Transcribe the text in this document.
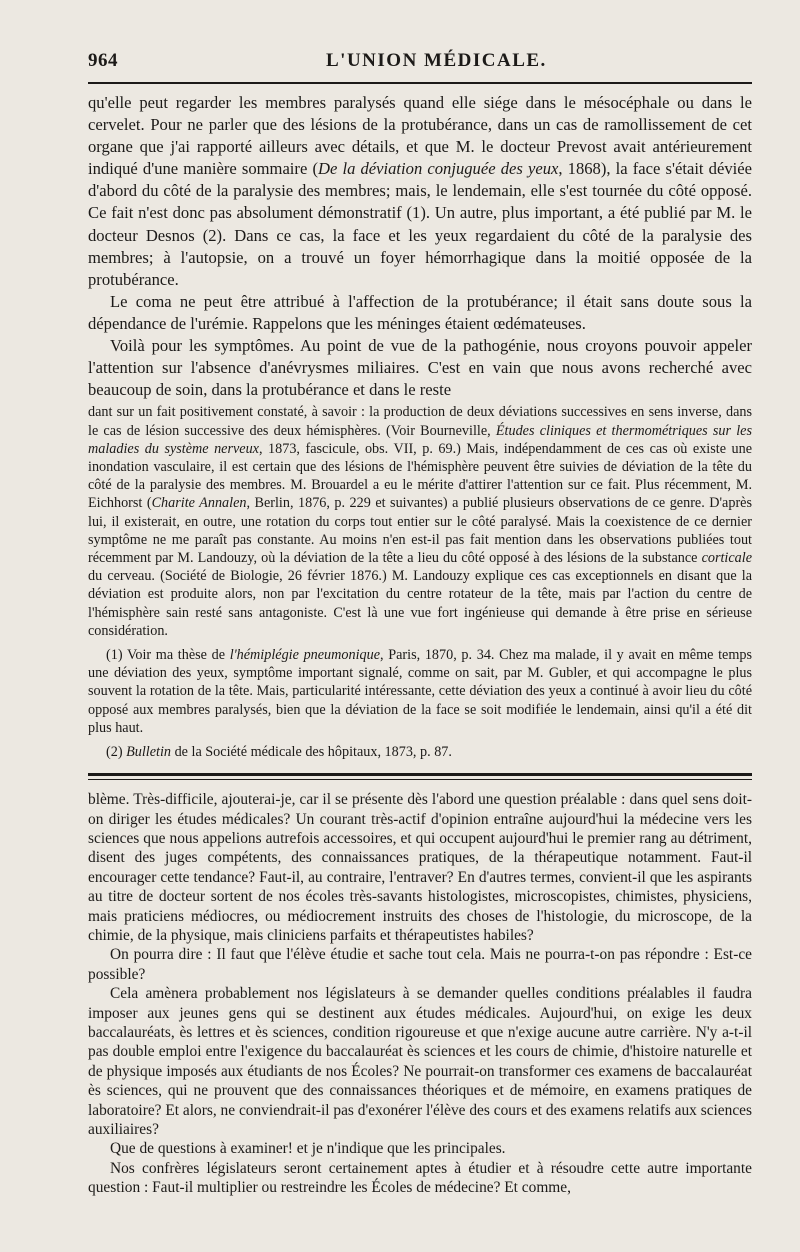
964	L'UNION MÉDICALE.

qu'elle peut regarder les membres paralysés quand elle siége dans le mésocéphale ou dans le cervelet. Pour ne parler que des lésions de la protubérance, dans un cas de ramollissement de cet organe que j'ai rapporté ailleurs avec détails, et que M. le docteur Prevost avait antérieurement indiqué d'une manière sommaire (De la déviation conjuguée des yeux, 1868), la face s'était déviée d'abord du côté de la paralysie des membres; mais, le lendemain, elle s'est tournée du côté opposé. Ce fait n'est donc pas absolument démonstratif (1). Un autre, plus important, a été publié par M. le docteur Desnos (2). Dans ce cas, la face et les yeux regardaient du côté de la paralysie des membres; à l'autopsie, on a trouvé un foyer hémorrhagique dans la moitié opposée de la protubérance.

Le coma ne peut être attribué à l'affection de la protubérance; il était sans doute sous la dépendance de l'urémie. Rappelons que les méninges étaient œdémateuses.

Voilà pour les symptômes. Au point de vue de la pathogénie, nous croyons pouvoir appeler l'attention sur l'absence d'anévrysmes miliaires. C'est en vain que nous avons recherché avec beaucoup de soin, dans la protubérance et dans le reste

dant sur un fait positivement constaté, à savoir : la production de deux déviations successives en sens inverse, dans le cas de lésion successive des deux hémisphères. (Voir Bourneville, Études cliniques et thermométriques sur les maladies du système nerveux, 1873, fascicule, obs. VII, p. 69.) Mais, indépendamment de ces cas où existe une inondation vasculaire, il est certain que des lésions de l'hémisphère peuvent être suivies de déviation de la tête du côté de la paralysie des membres. M. Brouardel a eu le mérite d'attirer l'attention sur ce fait. Plus récemment, M. Eichhorst (Charite Annalen, Berlin, 1876, p. 229 et suivantes) a publié plusieurs observations de ce genre. D'après lui, il existerait, en outre, une rotation du corps tout entier sur le côté paralysé. Mais la coexistence de ce dernier symptôme ne me paraît pas constante. Au moins n'en est-il pas fait mention dans les observations publiées tout récemment par M. Landouzy, où la déviation de la tête a lieu du côté opposé à des lésions de la substance corticale du cerveau. (Société de Biologie, 26 février 1876.) M. Landouzy explique ces cas exceptionnels en disant que la déviation est produite alors, non par l'excitation du centre rotateur de la tête, mais par l'action du centre de l'hémisphère sain resté sans antagoniste. C'est là une vue fort ingénieuse qui demande à être prise en sérieuse considération.
(1) Voir ma thèse de l'hémiplégie pneumonique, Paris, 1870, p. 34. Chez ma malade, il y avait en même temps une déviation des yeux, symptôme important signalé, comme on sait, par M. Gubler, et qui accompagne le plus souvent la rotation de la tête. Mais, particularité intéressante, cette déviation des yeux a continué à avoir lieu du côté opposé aux membres paralysés, bien que la déviation de la face se soit modifiée le lendemain, ainsi qu'il a été dit plus haut.
(2) Bulletin de la Société médicale des hôpitaux, 1873, p. 87.

blème. Très-difficile, ajouterai-je, car il se présente dès l'abord une question préalable : dans quel sens doit-on diriger les études médicales? Un courant très-actif d'opinion entraîne aujourd'hui la médecine vers les sciences que nous appelions autrefois accessoires, et qui occupent aujourd'hui le premier rang au détriment, disent des juges compétents, des connaissances pratiques, de la thérapeutique notamment. Faut-il encourager cette tendance? Faut-il, au contraire, l'entraver? En d'autres termes, convient-il que les aspirants au titre de docteur sortent de nos écoles très-savants histologistes, microscopistes, chimistes, physiciens, mais praticiens médiocres, ou médiocrement instruits des choses de l'histologie, du microscope, de la chimie, de la physique, mais cliniciens parfaits et thérapeutistes habiles?

On pourra dire : Il faut que l'élève étudie et sache tout cela. Mais ne pourra-t-on pas répondre : Est-ce possible?

Cela amènera probablement nos législateurs à se demander quelles conditions préalables il faudra imposer aux jeunes gens qui se destinent aux études médicales. Aujourd'hui, on exige les deux baccalauréats, ès lettres et ès sciences, condition rigoureuse et que n'exige aucune autre carrière. N'y a-t-il pas double emploi entre l'exigence du baccalauréat ès sciences et les cours de chimie, d'histoire naturelle et de physique imposés aux étudiants de nos Écoles? Ne pourrait-on transformer ces examens de baccalauréat ès sciences, qui ne prouvent que des connaissances théoriques et de mémoire, en examens pratiques de laboratoire? Et alors, ne conviendrait-il pas d'exonérer l'élève des cours et des examens relatifs aux sciences auxiliaires?

Que de questions à examiner! et je n'indique que les principales.

Nos confrères législateurs seront certainement aptes à étudier et à résoudre cette autre importante question : Faut-il multiplier ou restreindre les Écoles de médecine? Et comme,
